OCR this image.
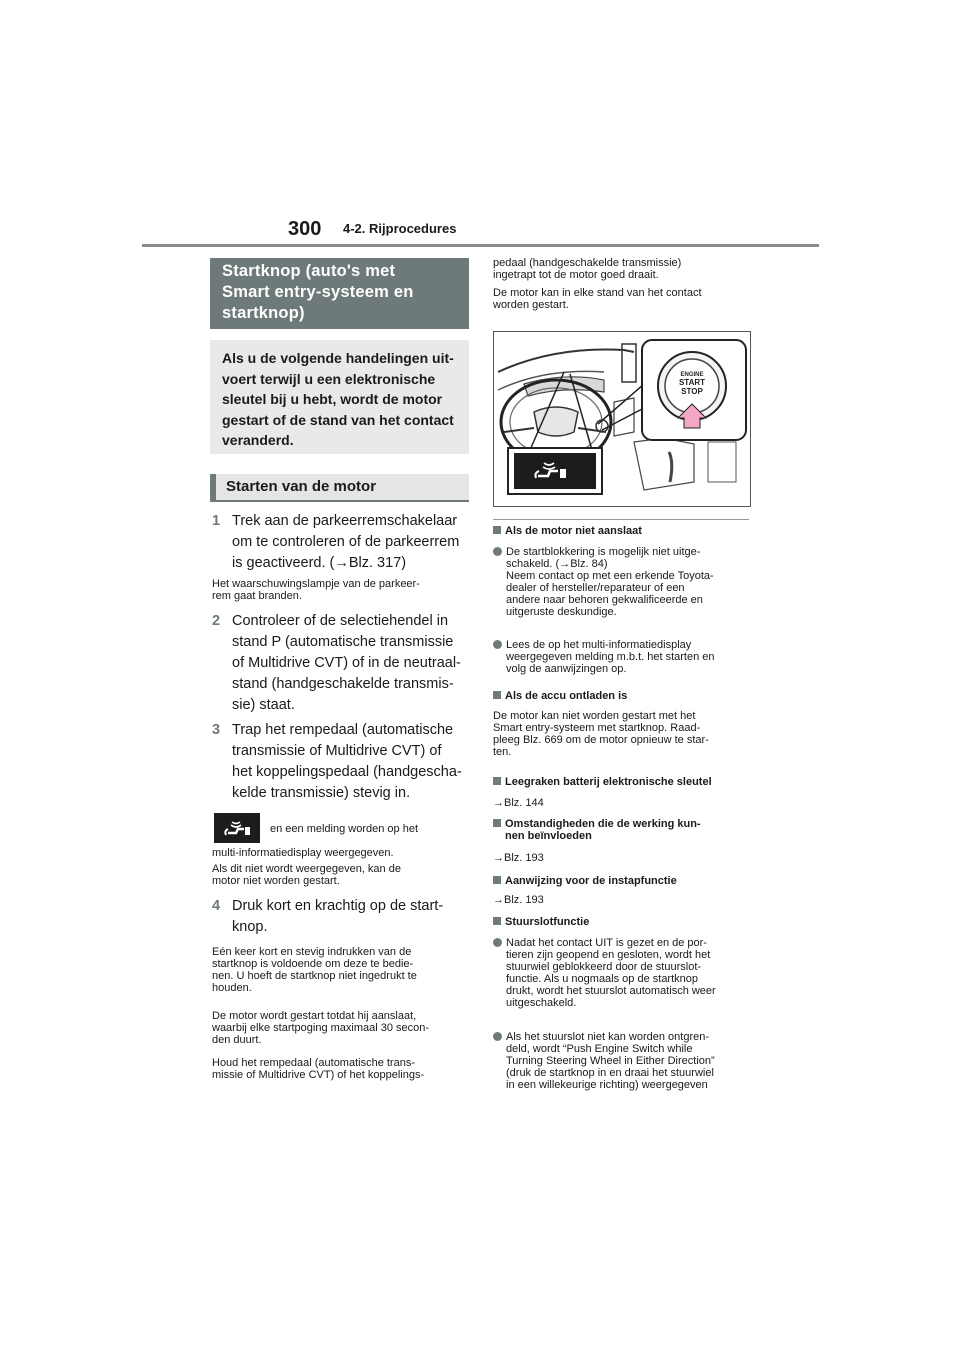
300 4-2. Rijprocedures
Startknop (auto's met
Smart entry-systeem en
startknop)
Als u de volgende handelingen uit-
voert terwijl u een elektronische
sleutel bij u hebt, wordt de motor
gestart of de stand van het contact
veranderd.
Starten van de motor
1 Trek aan de parkeerremschakelaar
om te controleren of de parkeerrem
is geactiveerd. (→Blz. 317)
Het waarschuwingslampje van de parkeer-
rem gaat branden.
2 Controleer of de selectiehendel in
stand P (automatische transmissie
of Multidrive CVT) of in de neutraal-
stand (handgeschakelde transmis-
sie) staat.
3 Trap het rempedaal (automatische
transmissie of Multidrive CVT) of
het koppelingspedaal (handgescha-
kelde transmissie) stevig in.
en een melding worden op het
multi-informatiedisplay weergegeven.
Als dit niet wordt weergegeven, kan de
motor niet worden gestart.
4 Druk kort en krachtig op de start-
knop.
Eén keer kort en stevig indrukken van de
startknop is voldoende om deze te bedie-
nen. U hoeft de startknop niet ingedrukt te
houden.
De motor wordt gestart totdat hij aanslaat,
waarbij elke startpoging maximaal 30 secon-
den duurt.
Houd het rempedaal (automatische trans-
missie of Multidrive CVT) of het koppelings-
pedaal (handgeschakelde transmissie)
ingetrapt tot de motor goed draait.
De motor kan in elke stand van het contact
worden gestart.
ENGINE
START
STOP
Als de motor niet aanslaat
De startblokkering is mogelijk niet uitge-
schakeld. (→Blz. 84)
Neem contact op met een erkende Toyota-
dealer of hersteller/reparateur of een
andere naar behoren gekwalificeerde en
uitgeruste deskundige.
Lees de op het multi-informatiedisplay
weergegeven melding m.b.t. het starten en
volg de aanwijzingen op.
Als de accu ontladen is
De motor kan niet worden gestart met het
Smart entry-systeem met startknop. Raad-
pleeg Blz. 669 om de motor opnieuw te star-
ten.
Leegraken batterij elektronische sleutel
→Blz. 144
Omstandigheden die de werking kun-
nen beïnvloeden
→Blz. 193
Aanwijzing voor de instapfunctie
→Blz. 193
Stuurslotfunctie
Nadat het contact UIT is gezet en de por-
tieren zijn geopend en gesloten, wordt het
stuurwiel geblokkeerd door de stuurslot-
functie. Als u nogmaals op de startknop
drukt, wordt het stuurslot automatisch weer
uitgeschakeld.
Als het stuurslot niet kan worden ontgren-
deld, wordt “Push Engine Switch while
Turning Steering Wheel in Either Direction”
(druk de startknop in en draai het stuurwiel
in een willekeurige richting) weergegeven
